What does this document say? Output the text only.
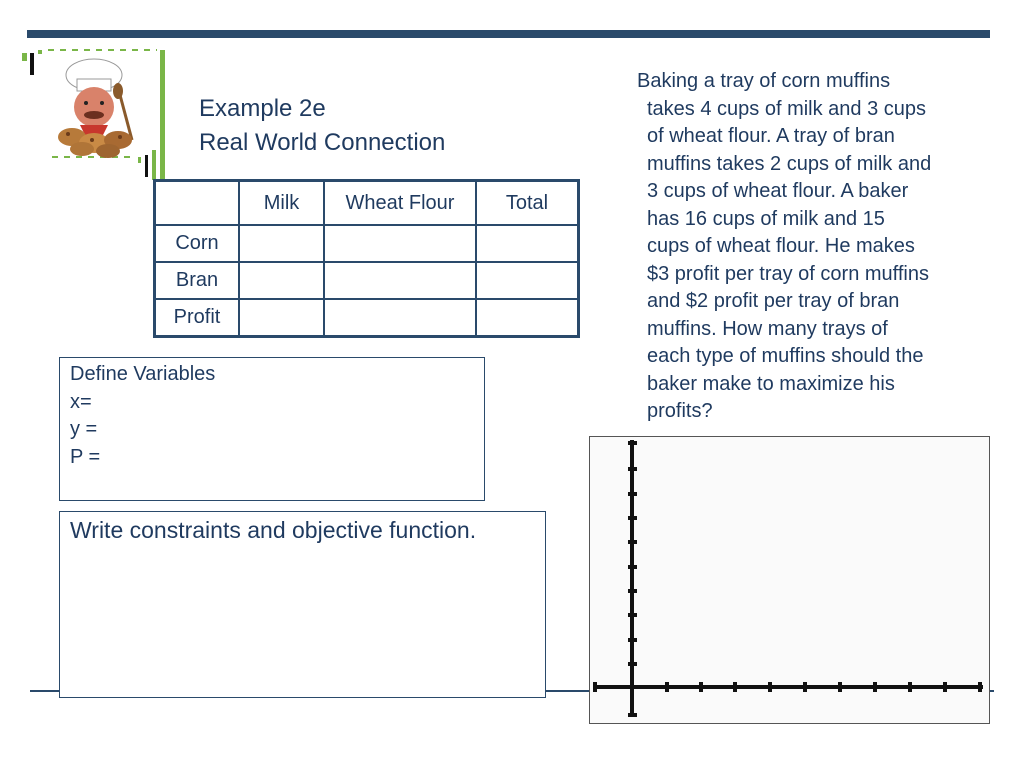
Example 2e
Real World Connection
	Milk	Wheat Flour	Total
Corn			
Bran			
Profit			
Baking a tray of corn muffins
takes 4 cups of milk and 3 cups
of wheat flour. A tray of bran
muffins takes 2 cups of milk and
3 cups of wheat flour. A baker
has 16 cups of milk and 15
cups of wheat flour. He makes
$3 profit per tray of corn muffins
and $2 profit per tray of bran
muffins. How many trays of
each type of muffins should the
baker make to maximize his
profits?
Define Variables
x=
y =
P =
Write constraints and objective function.
